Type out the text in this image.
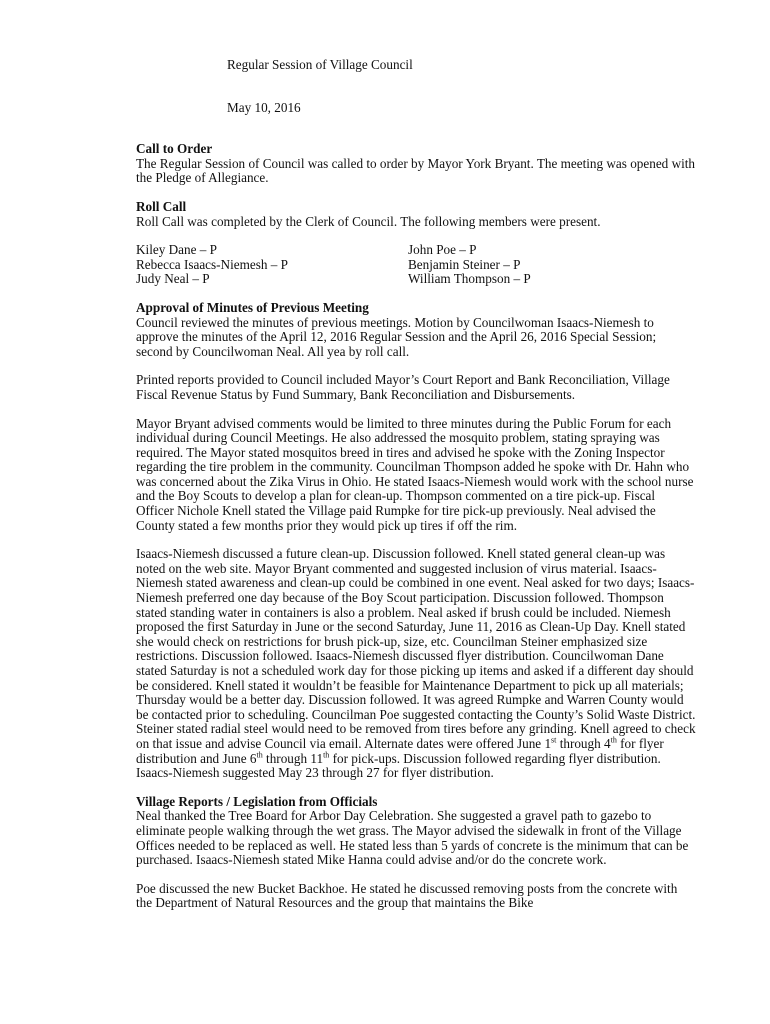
Regular Session of Village Council
May 10, 2016
Call to Order

The Regular Session of Council was called to order by Mayor York Bryant. The meeting was opened with the Pledge of Allegiance.

Roll Call

Roll Call was completed by the Clerk of Council. The following members were present.

Kiley Dane – P	John Poe – P
Rebecca Isaacs-Niemesh – P	Benjamin Steiner – P
Judy Neal – P	William Thompson – P
Approval of Minutes of Previous Meeting

Council reviewed the minutes of previous meetings. Motion by Councilwoman Isaacs-Niemesh to approve the minutes of the April 12, 2016 Regular Session and the April 26, 2016 Special Session; second by Councilwoman Neal. All yea by roll call.

Printed reports provided to Council included Mayor’s Court Report and Bank Reconciliation, Village Fiscal Revenue Status by Fund Summary, Bank Reconciliation and Disbursements.

Mayor Bryant advised comments would be limited to three minutes during the Public Forum for each individual during Council Meetings. He also addressed the mosquito problem, stating spraying was required. The Mayor stated mosquitos breed in tires and advised he spoke with the Zoning Inspector regarding the tire problem in the community. Councilman Thompson added he spoke with Dr. Hahn who was concerned about the Zika Virus in Ohio. He stated Isaacs-Niemesh would work with the school nurse and the Boy Scouts to develop a plan for clean-up. Thompson commented on a tire pick-up. Fiscal Officer Nichole Knell stated the Village paid Rumpke for tire pick-up previously. Neal advised the County stated a few months prior they would pick up tires if off the rim.

Isaacs-Niemesh discussed a future clean-up. Discussion followed. Knell stated general clean-up was noted on the web site. Mayor Bryant commented and suggested inclusion of virus material. Isaacs-Niemesh stated awareness and clean-up could be combined in one event. Neal asked for two days; Isaacs-Niemesh preferred one day because of the Boy Scout participation. Discussion followed. Thompson stated standing water in containers is also a problem. Neal asked if brush could be included. Niemesh proposed the first Saturday in June or the second Saturday, June 11, 2016 as Clean-Up Day. Knell stated she would check on restrictions for brush pick-up, size, etc. Councilman Steiner emphasized size restrictions. Discussion followed. Isaacs-Niemesh discussed flyer distribution. Councilwoman Dane stated Saturday is not a scheduled work day for those picking up items and asked if a different day should be considered. Knell stated it wouldn’t be feasible for Maintenance Department to pick up all materials; Thursday would be a better day. Discussion followed. It was agreed Rumpke and Warren County would be contacted prior to scheduling. Councilman Poe suggested contacting the County’s Solid Waste District. Steiner stated radial steel would need to be removed from tires before any grinding. Knell agreed to check on that issue and advise Council via email. Alternate dates were offered June 1st through 4th for flyer distribution and June 6th through 11th for pick-ups. Discussion followed regarding flyer distribution. Isaacs-Niemesh suggested May 23 through 27 for flyer distribution.

Village Reports / Legislation from Officials

Neal thanked the Tree Board for Arbor Day Celebration. She suggested a gravel path to gazebo to eliminate people walking through the wet grass. The Mayor advised the sidewalk in front of the Village Offices needed to be replaced as well. He stated less than 5 yards of concrete is the minimum that can be purchased. Isaacs-Niemesh stated Mike Hanna could advise and/or do the concrete work.

Poe discussed the new Bucket Backhoe. He stated he discussed removing posts from the concrete with the Department of Natural Resources and the group that maintains the Bike
